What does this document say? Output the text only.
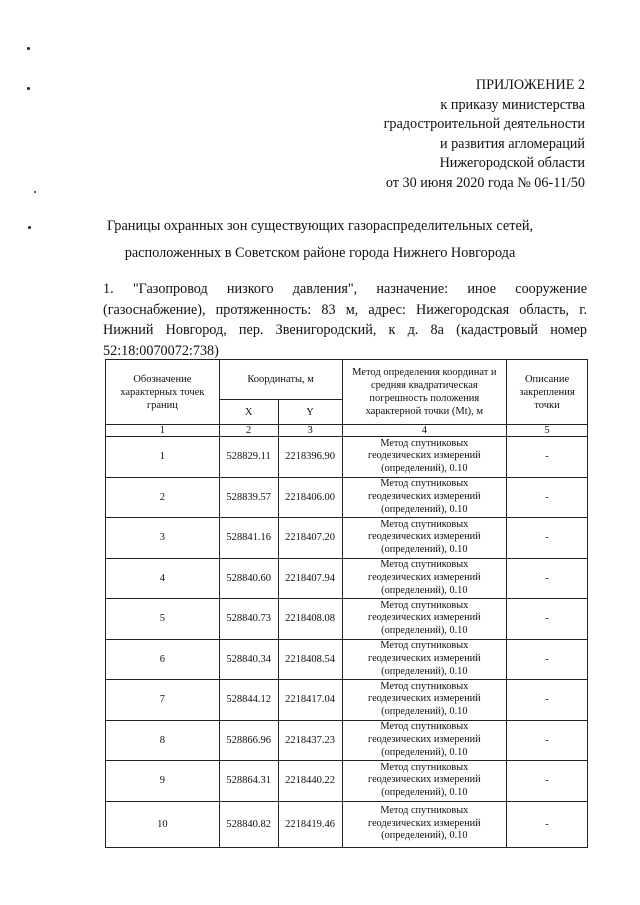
ПРИЛОЖЕНИЕ 2
к приказу министерства
градостроительной деятельности
и развития агломераций
Нижегородской области
от 30 июня 2020 года № 06-11/50
Границы охранных зон существующих газораспределительных сетей,
расположенных в Советском районе города Нижнего Новгорода
1. "Газопровод низкого давления", назначение: иное сооружение
(газоснабжение), протяженность: 83 м, адрес: Нижегородская область, г.
Нижний Новгород, пер. Звенигородский, к д. 8а (кадастровый номер
52:18:0070072:738)
Обозначение характерных точек границ	Координаты, м		Метод определения координат и средняя квадратическая погрешность положения характерной точки (Mt), м	Описание закрепления точки
	X	Y		
1	2	3	4	5
1	528829.11	2218396.90	Метод спутниковых
геодезических измерений
(определений), 0.10	-
2	528839.57	2218406.00	Метод спутниковых
геодезических измерений
(определений), 0.10	-
3	528841.16	2218407.20	Метод спутниковых
геодезических измерений
(определений), 0.10	-
4	528840.60	2218407.94	Метод спутниковых
геодезических измерений
(определений), 0.10	-
5	528840.73	2218408.08	Метод спутниковых
геодезических измерений
(определений), 0.10	-
6	528840.34	2218408.54	Метод спутниковых
геодезических измерений
(определений), 0.10	-
7	528844.12	2218417.04	Метод спутниковых
геодезических измерений
(определений), 0.10	-
8	528866.96	2218437.23	Метод спутниковых
геодезических измерений
(определений), 0.10	-
9	528864.31	2218440.22	Метод спутниковых
геодезических измерений
(определений), 0.10	-
10	528840.82	2218419.46	Метод спутниковых
геодезических измерений
(определений), 0.10	-
